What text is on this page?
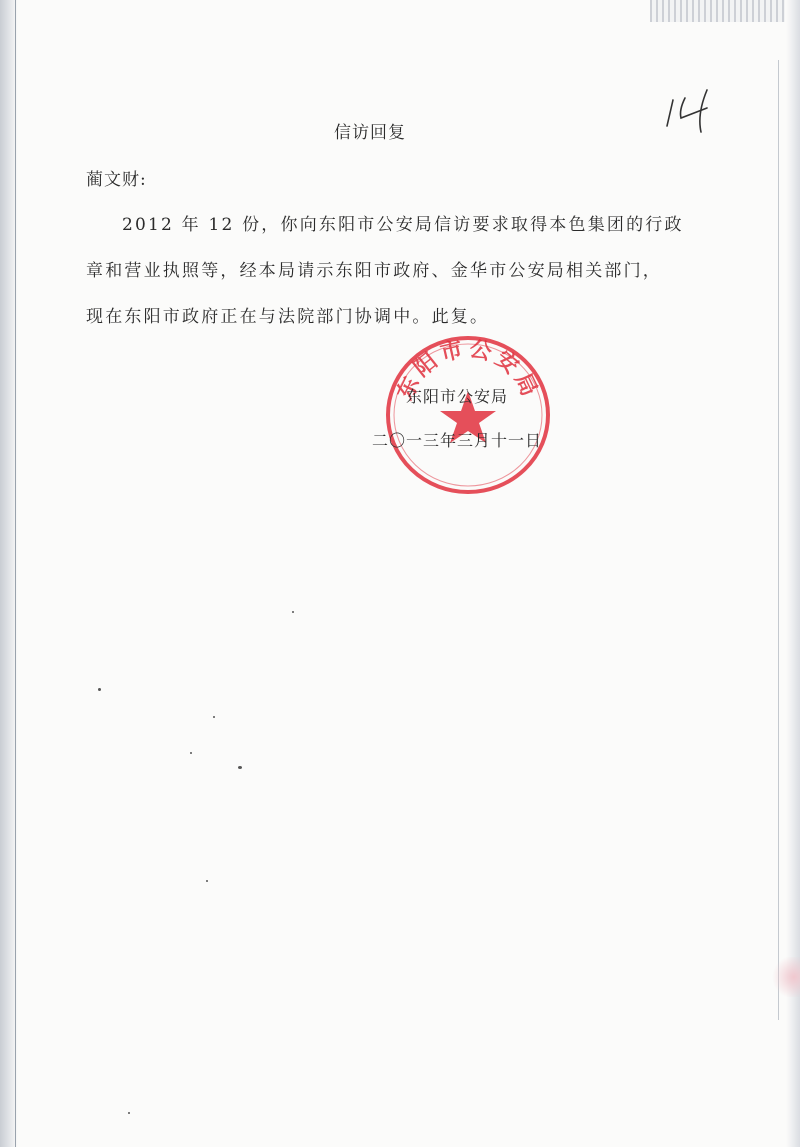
信访回复
蔺文财:
2012 年 12 份，你向东阳市公安局信访要求取得本色集团的行政
章和营业执照等，经本局请示东阳市政府、金华市公安局相关部门，
现在东阳市政府正在与法院部门协调中。此复。
东阳市公安局
东阳市公安局
二〇一三年三月十一日
